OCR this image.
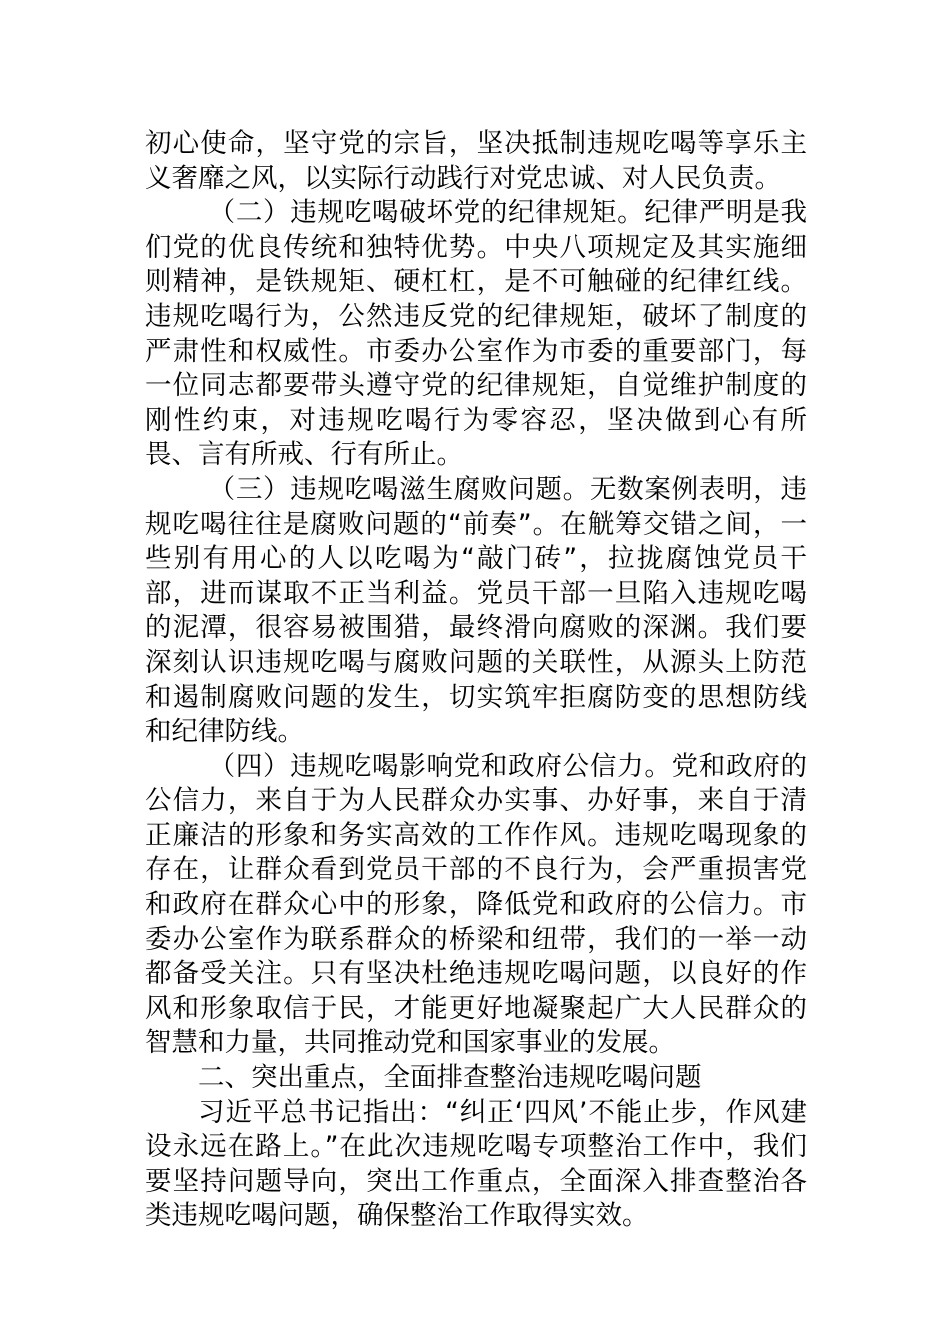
初心使命，坚守党的宗旨，坚决抵制违规吃喝等享乐主义奢靡之风，以实际行动践行对党忠诚、对人民负责。

（二）违规吃喝破坏党的纪律规矩。纪律严明是我们党的优良传统和独特优势。中央八项规定及其实施细则精神，是铁规矩、硬杠杠，是不可触碰的纪律红线。违规吃喝行为，公然违反党的纪律规矩，破坏了制度的严肃性和权威性。市委办公室作为市委的重要部门，每一位同志都要带头遵守党的纪律规矩，自觉维护制度的刚性约束，对违规吃喝行为零容忍，坚决做到心有所畏、言有所戒、行有所止。

（三）违规吃喝滋生腐败问题。无数案例表明，违规吃喝往往是腐败问题的“前奏”。在觥筹交错之间，一些别有用心的人以吃喝为“敲门砖”，拉拢腐蚀党员干部，进而谋取不正当利益。党员干部一旦陷入违规吃喝的泥潭，很容易被围猎，最终滑向腐败的深渊。我们要深刻认识违规吃喝与腐败问题的关联性，从源头上防范和遏制腐败问题的发生，切实筑牢拒腐防变的思想防线和纪律防线。

（四）违规吃喝影响党和政府公信力。党和政府的公信力，来自于为人民群众办实事、办好事，来自于清正廉洁的形象和务实高效的工作作风。违规吃喝现象的存在，让群众看到党员干部的不良行为，会严重损害党和政府在群众心中的形象，降低党和政府的公信力。市委办公室作为联系群众的桥梁和纽带，我们的一举一动都备受关注。只有坚决杜绝违规吃喝问题，以良好的作风和形象取信于民，才能更好地凝聚起广大人民群众的智慧和力量，共同推动党和国家事业的发展。

二、突出重点，全面排查整治违规吃喝问题

习近平总书记指出：“纠正‘四风’不能止步，作风建设永远在路上。”在此次违规吃喝专项整治工作中，我们要坚持问题导向，突出工作重点，全面深入排查整治各类违规吃喝问题，确保整治工作取得实效。
